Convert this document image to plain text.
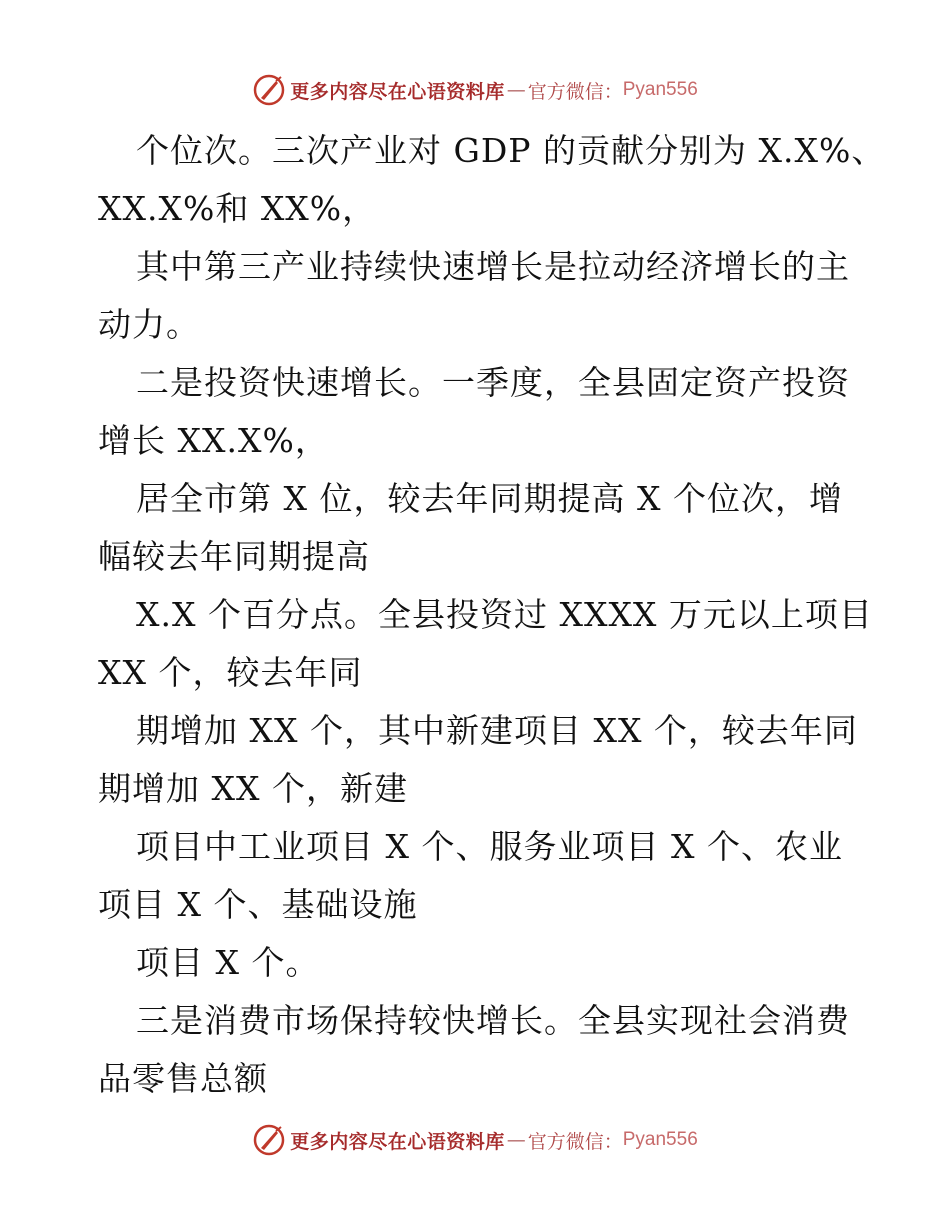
更多内容尽在心语资料库 — 官方微信： Pyan556
个位次。三次产业对 GDP 的贡献分别为 X.X%、
XX.X%和 XX%，
其中第三产业持续快速增长是拉动经济增长的主
动力。
二是投资快速增长。一季度，全县固定资产投资
增长 XX.X%，
居全市第 X 位，较去年同期提高 X 个位次，增
幅较去年同期提高
X.X 个百分点。全县投资过 XXXX 万元以上项目
XX 个，较去年同
期增加 XX 个，其中新建项目 XX 个，较去年同
期增加 XX 个，新建
项目中工业项目 X 个、服务业项目 X 个、农业
项目 X 个、基础设施
项目 X 个。
三是消费市场保持较快增长。全县实现社会消费
品零售总额
更多内容尽在心语资料库 — 官方微信： Pyan556
